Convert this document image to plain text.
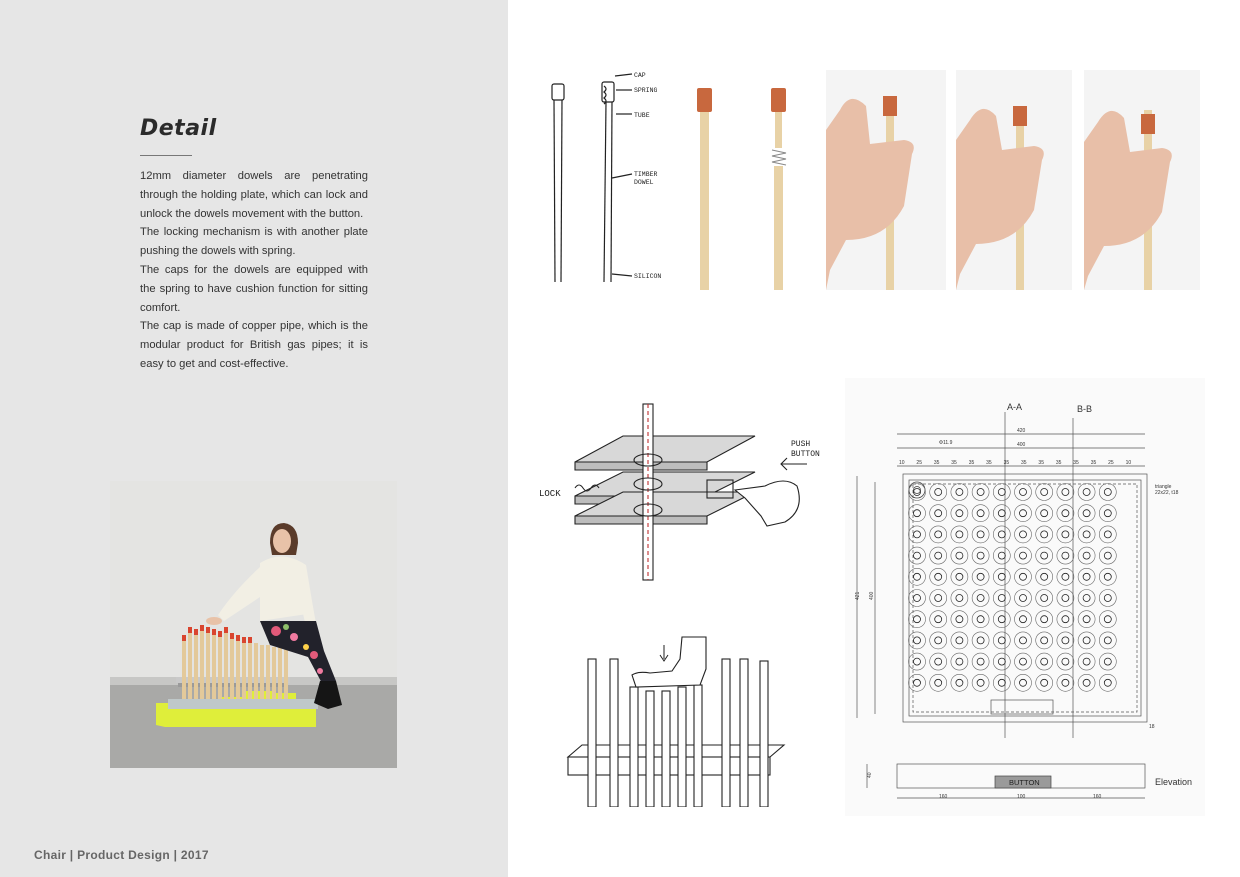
Detail

12mm diameter dowels are penetrating through the holding plate, which can lock and unlock the dowels movement with the button.

The locking mechanism is with another plate pushing the dowels with spring.

The caps for the dowels are equipped with the spring to have cushion function for sitting comfort.

The cap is made of copper pipe, which is the modular product for British gas pipes; it is easy to get and cost-effective.

Chair | Product Design | 2017
CAP
SPRING
TUBE
TIMBER
DOWEL
SILICON
LOCK
PUSH
BUTTON
A-A	B-B
420
400
Φ11.9
10 25 35 35 35 35 35 35 35 35 35 35 25 10
triangle
22x22, t18
421 400
18
40
BUTTON	Elevation
160	100	160
